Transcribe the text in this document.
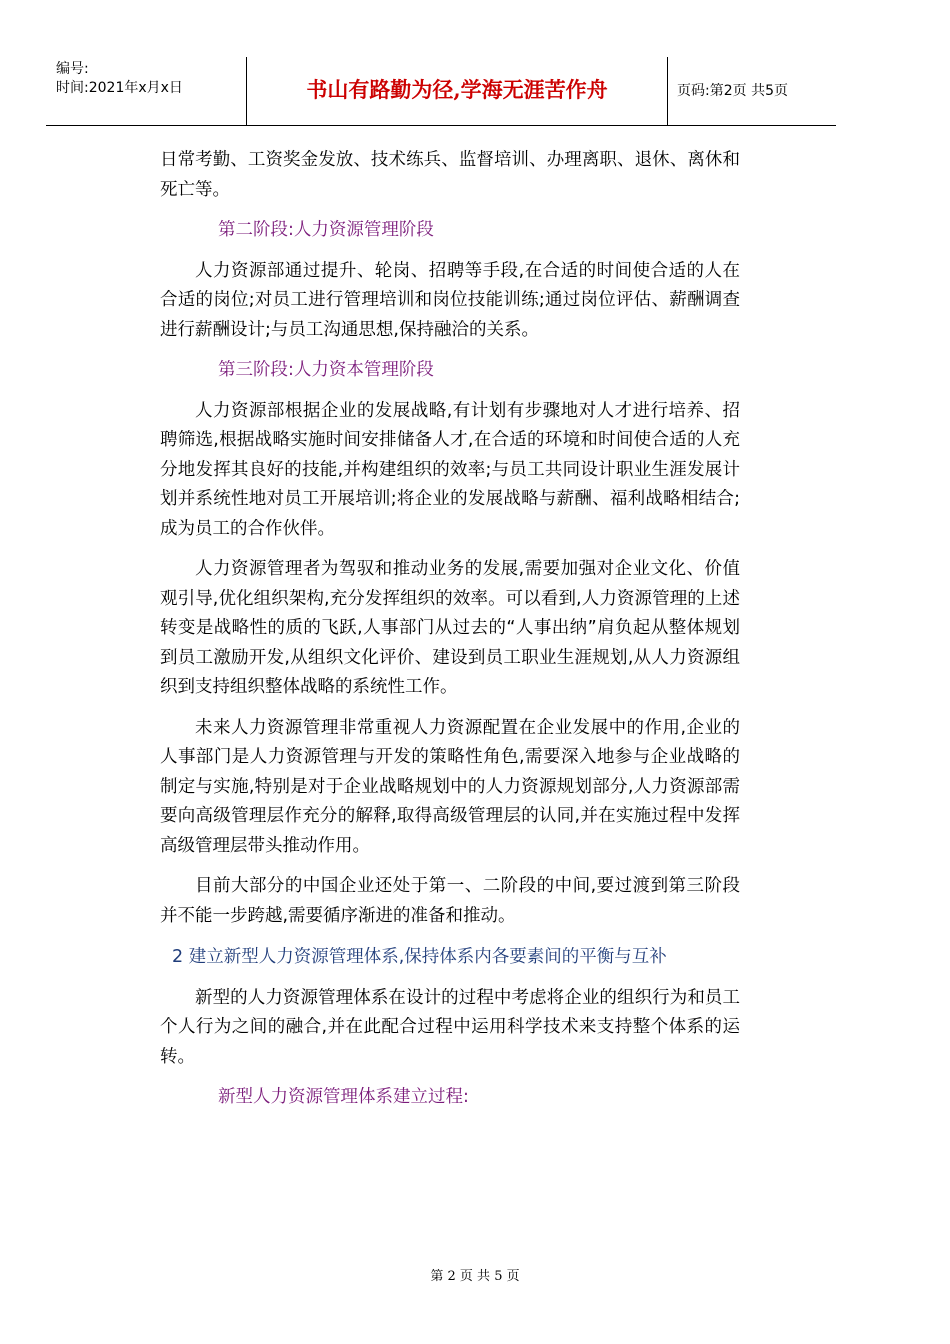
编号:
时间:2021年x月x日	书山有路勤为径,学海无涯苦作舟	页码:第2页 共5页

日常考勤、工资奖金发放、技术练兵、监督培训、办理离职、退休、离休和死亡等。

第二阶段:人力资源管理阶段

人力资源部通过提升、轮岗、招聘等手段,在合适的时间使合适的人在合适的岗位;对员工进行管理培训和岗位技能训练;通过岗位评估、薪酬调查进行薪酬设计;与员工沟通思想,保持融洽的关系。

第三阶段:人力资本管理阶段

人力资源部根据企业的发展战略,有计划有步骤地对人才进行培养、招聘筛选,根据战略实施时间安排储备人才,在合适的环境和时间使合适的人充分地发挥其良好的技能,并构建组织的效率;与员工共同设计职业生涯发展计划并系统性地对员工开展培训;将企业的发展战略与薪酬、福利战略相结合;成为员工的合作伙伴。

人力资源管理者为驾驭和推动业务的发展,需要加强对企业文化、价值观引导,优化组织架构,充分发挥组织的效率。可以看到,人力资源管理的上述转变是战略性的质的飞跃,人事部门从过去的“人事出纳”肩负起从整体规划到员工激励开发,从组织文化评价、建设到员工职业生涯规划,从人力资源组织到支持组织整体战略的系统性工作。

未来人力资源管理非常重视人力资源配置在企业发展中的作用,企业的人事部门是人力资源管理与开发的策略性角色,需要深入地参与企业战略的制定与实施,特别是对于企业战略规划中的人力资源规划部分,人力资源部需要向高级管理层作充分的解释,取得高级管理层的认同,并在实施过程中发挥高级管理层带头推动作用。

目前大部分的中国企业还处于第一、二阶段的中间,要过渡到第三阶段并不能一步跨越,需要循序渐进的准备和推动。

2 建立新型人力资源管理体系,保持体系内各要素间的平衡与互补

新型的人力资源管理体系在设计的过程中考虑将企业的组织行为和员工个人行为之间的融合,并在此配合过程中运用科学技术来支持整个体系的运转。

新型人力资源管理体系建立过程:

第 2 页 共 5 页
